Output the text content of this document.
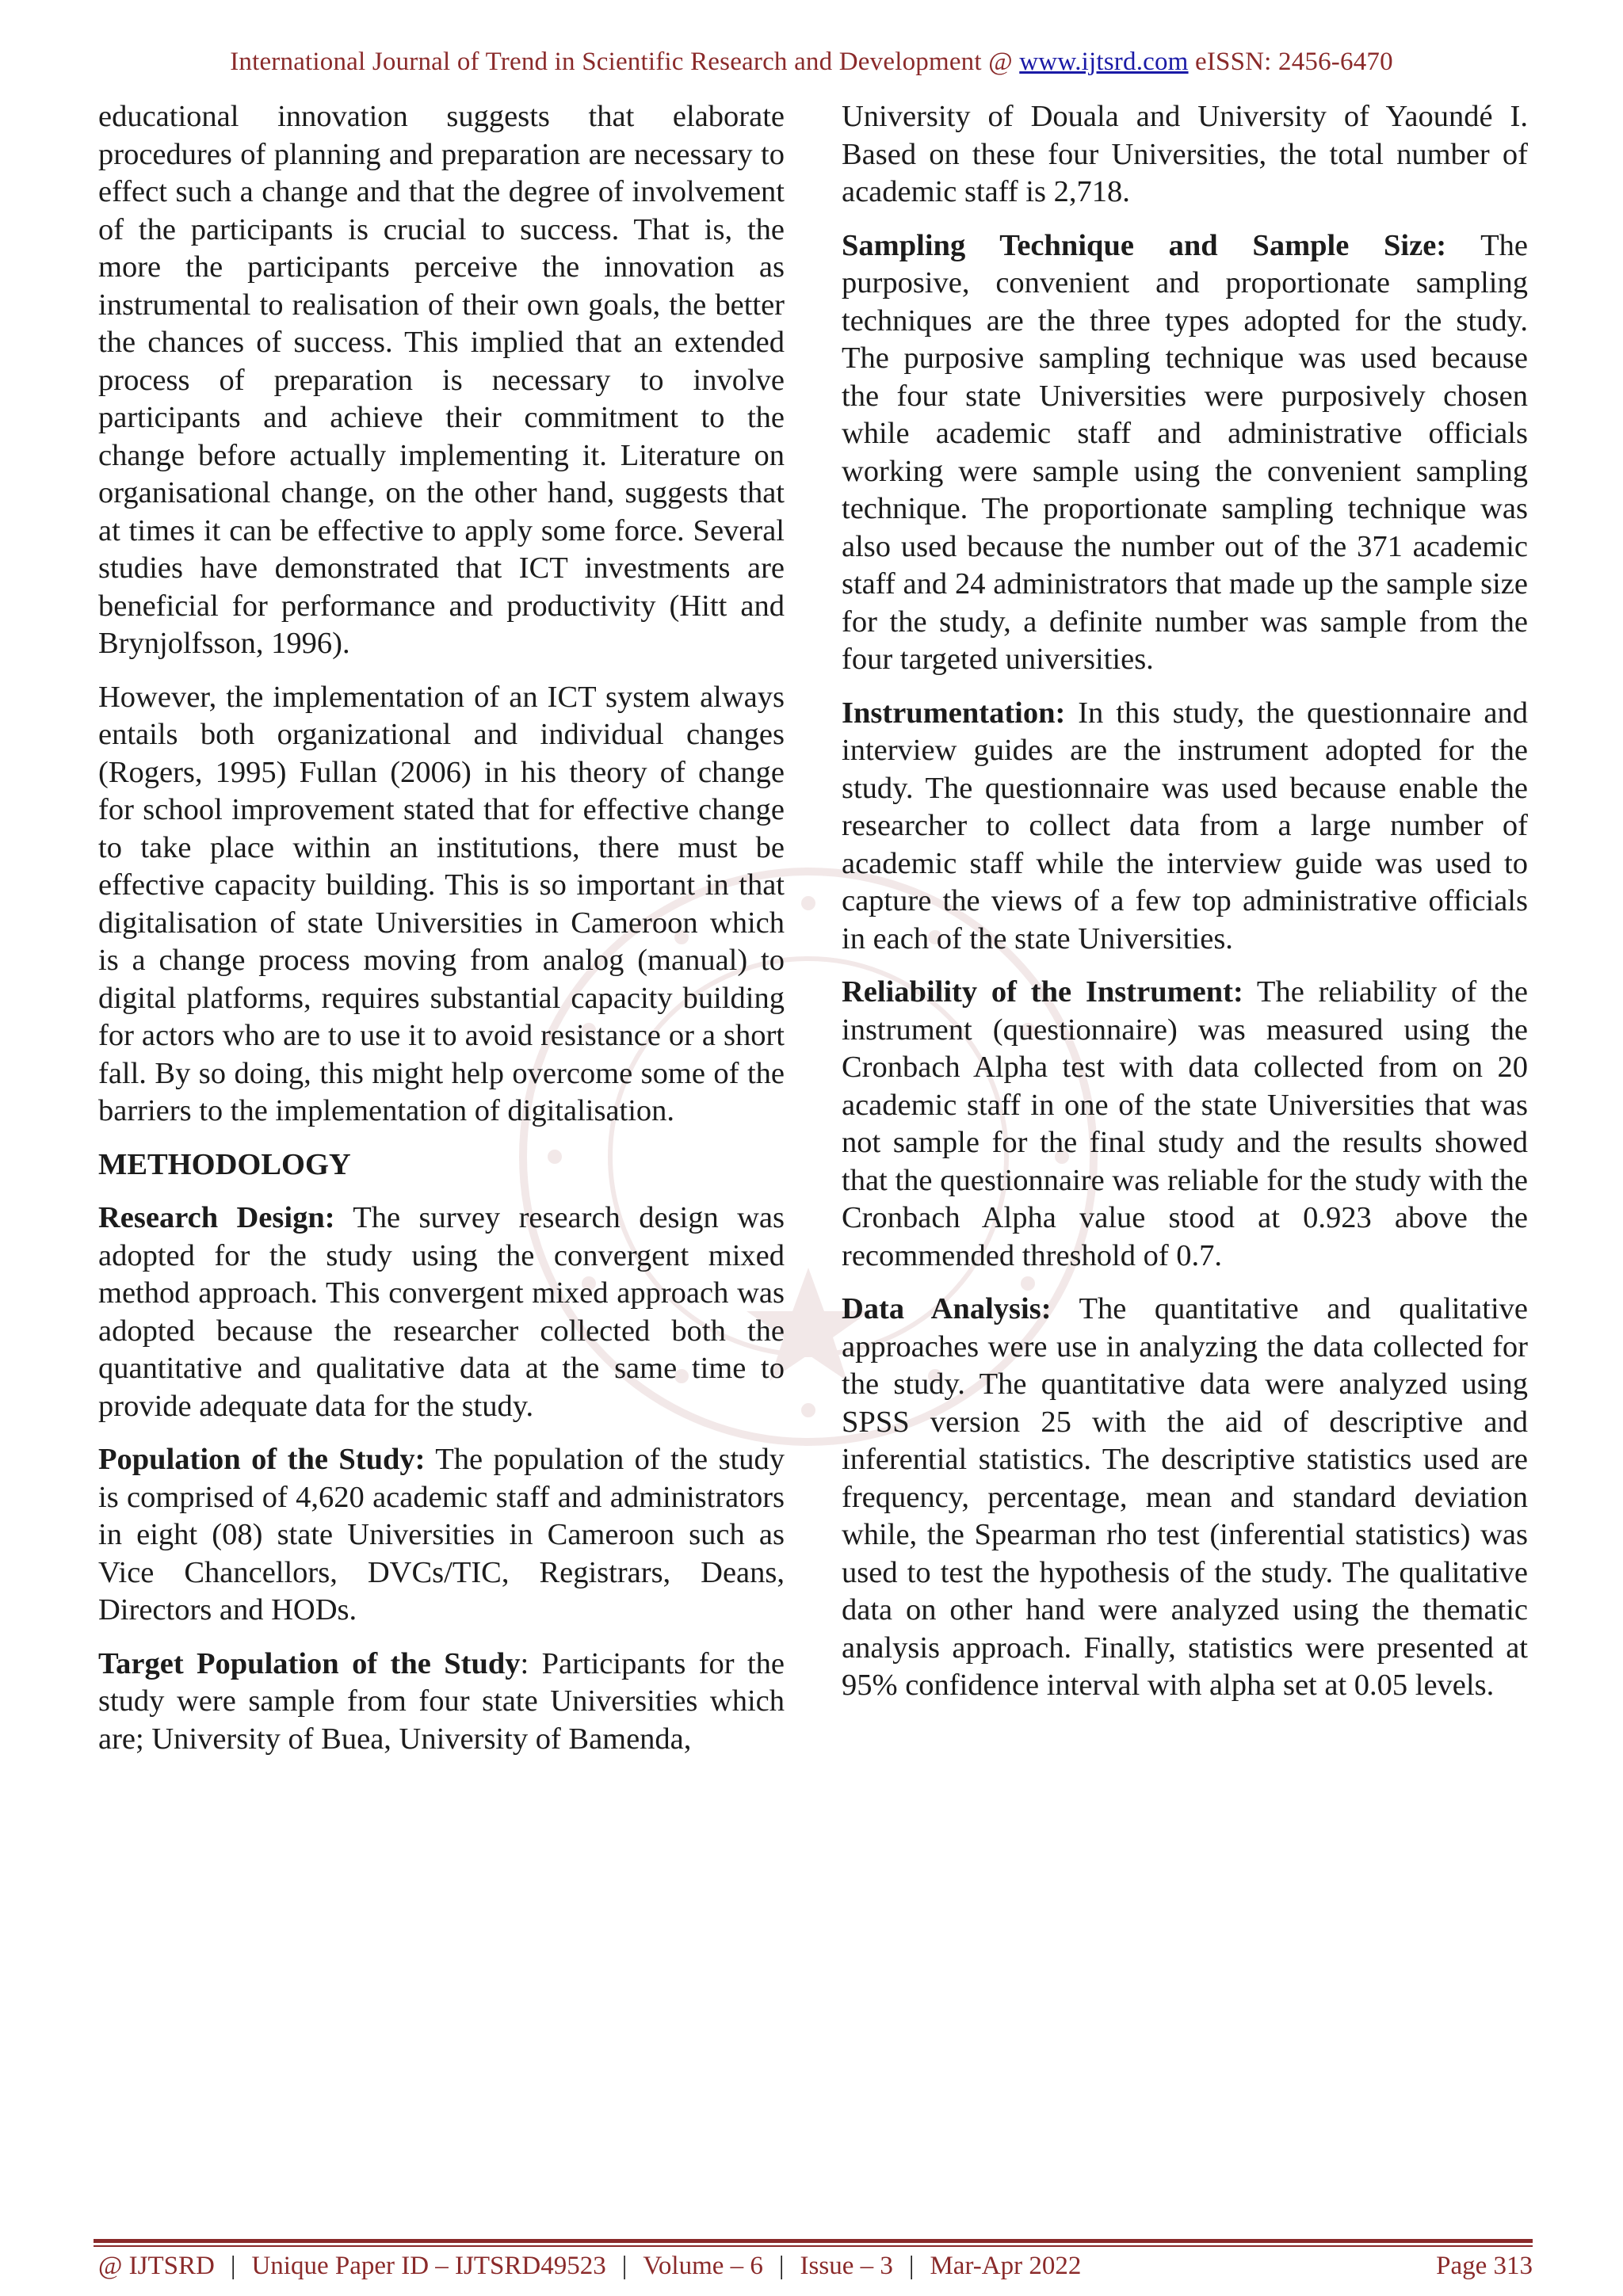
International Journal of Trend in Scientific Research and Development @ www.ijtsrd.com eISSN: 2456-6470

educational innovation suggests that elaborate procedures of planning and preparation are necessary to effect such a change and that the degree of involvement of the participants is crucial to success. That is, the more the participants perceive the innovation as instrumental to realisation of their own goals, the better the chances of success. This implied that an extended process of preparation is necessary to involve participants and achieve their commitment to the change before actually implementing it. Literature on organisational change, on the other hand, suggests that at times it can be effective to apply some force. Several studies have demonstrated that ICT investments are beneficial for performance and productivity (Hitt and Brynjolfsson, 1996).

However, the implementation of an ICT system always entails both organizational and individual changes (Rogers, 1995) Fullan (2006) in his theory of change for school improvement stated that for effective change to take place within an institutions, there must be effective capacity building. This is so important in that digitalisation of state Universities in Cameroon which is a change process moving from analog (manual) to digital platforms, requires substantial capacity building for actors who are to use it to avoid resistance or a short fall. By so doing, this might help overcome some of the barriers to the implementation of digitalisation.

METHODOLOGY

Research Design: The survey research design was adopted for the study using the convergent mixed method approach. This convergent mixed approach was adopted because the researcher collected both the quantitative and qualitative data at the same time to provide adequate data for the study.

Population of the Study: The population of the study is comprised of 4,620 academic staff and administrators in eight (08) state Universities in Cameroon such as Vice Chancellors, DVCs/TIC, Registrars, Deans, Directors and HODs.

Target Population of the Study: Participants for the study were sample from four state Universities which are; University of Buea, University of Bamenda,

University of Douala and University of Yaoundé I. Based on these four Universities, the total number of academic staff is 2,718.

Sampling Technique and Sample Size: The purposive, convenient and proportionate sampling techniques are the three types adopted for the study. The purposive sampling technique was used because the four state Universities were purposively chosen while academic staff and administrative officials working were sample using the convenient sampling technique. The proportionate sampling technique was also used because the number out of the 371 academic staff and 24 administrators that made up the sample size for the study, a definite number was sample from the four targeted universities.

Instrumentation: In this study, the questionnaire and interview guides are the instrument adopted for the study. The questionnaire was used because enable the researcher to collect data from a large number of academic staff while the interview guide was used to capture the views of a few top administrative officials in each of the state Universities.

Reliability of the Instrument: The reliability of the instrument (questionnaire) was measured using the Cronbach Alpha test with data collected from on 20 academic staff in one of the state Universities that was not sample for the final study and the results showed that the questionnaire was reliable for the study with the Cronbach Alpha value stood at 0.923 above the recommended threshold of 0.7.

Data Analysis: The quantitative and qualitative approaches were use in analyzing the data collected for the study. The quantitative data were analyzed using SPSS version 25 with the aid of descriptive and inferential statistics. The descriptive statistics used are frequency, percentage, mean and standard deviation while, the Spearman rho test (inferential statistics) was used to test the hypothesis of the study. The qualitative data on other hand were analyzed using the thematic analysis approach. Finally, statistics were presented at 95% confidence interval with alpha set at 0.05 levels.

@ IJTSRD | Unique Paper ID – IJTSRD49523 | Volume – 6 | Issue – 3 | Mar-Apr 2022	Page 313
